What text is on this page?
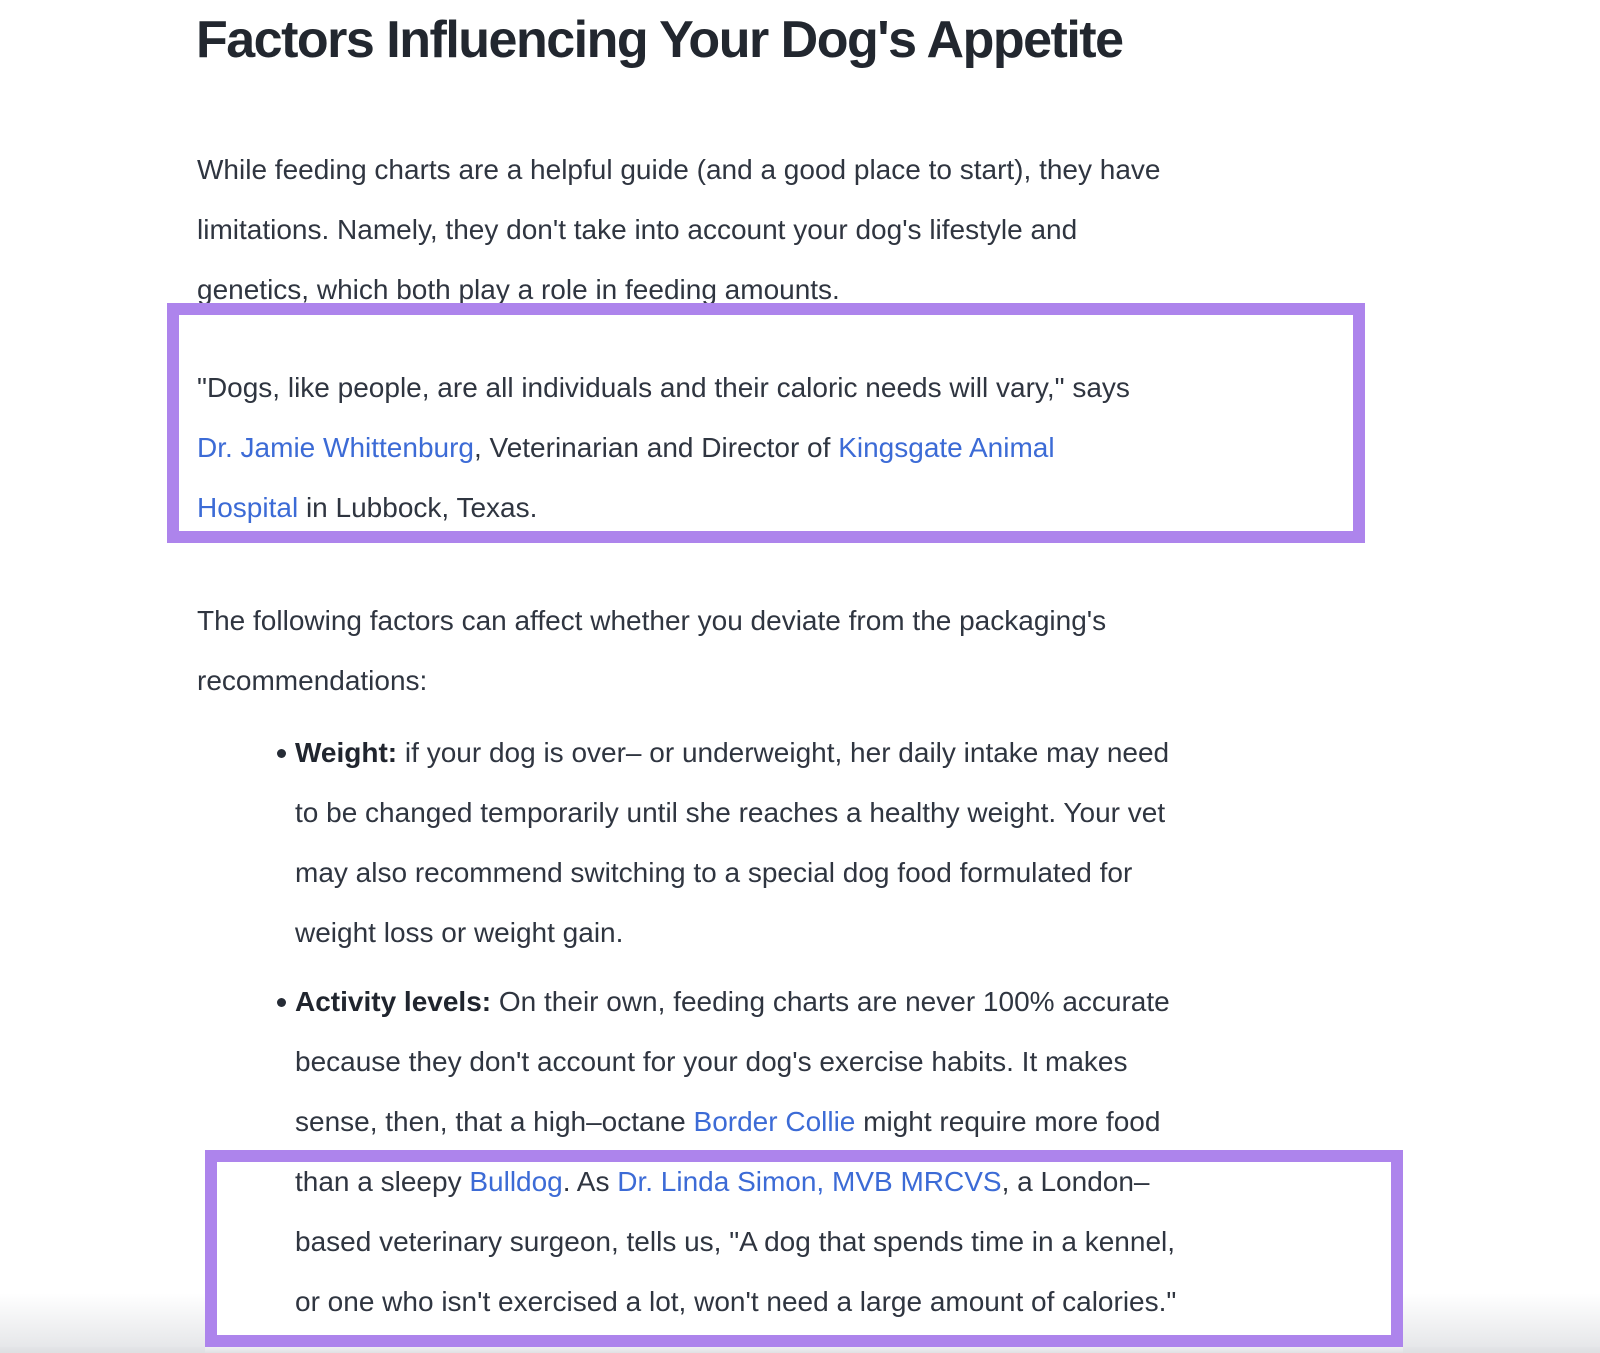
Factors Influencing Your Dog's Appetite

While feeding charts are a helpful guide (and a good place to start), they have
limitations. Namely, they don't take into account your dog's lifestyle and
genetics, which both play a role in feeding amounts.

"Dogs, like people, are all individuals and their caloric needs will vary," says
Dr. Jamie Whittenburg, Veterinarian and Director of Kingsgate Animal
Hospital in Lubbock, Texas.

The following factors can affect whether you deviate from the packaging's
recommendations:

Weight: if your dog is over– or underweight, her daily intake may need
to be changed temporarily until she reaches a healthy weight. Your vet
may also recommend switching to a special dog food formulated for
weight loss or weight gain.
Activity levels: On their own, feeding charts are never 100% accurate
because they don't account for your dog's exercise habits. It makes
sense, then, that a high–octane Border Collie might require more food
than a sleepy Bulldog. As Dr. Linda Simon, MVB MRCVS, a London–
based veterinary surgeon, tells us, "A dog that spends time in a kennel,
or one who isn't exercised a lot, won't need a large amount of calories."
